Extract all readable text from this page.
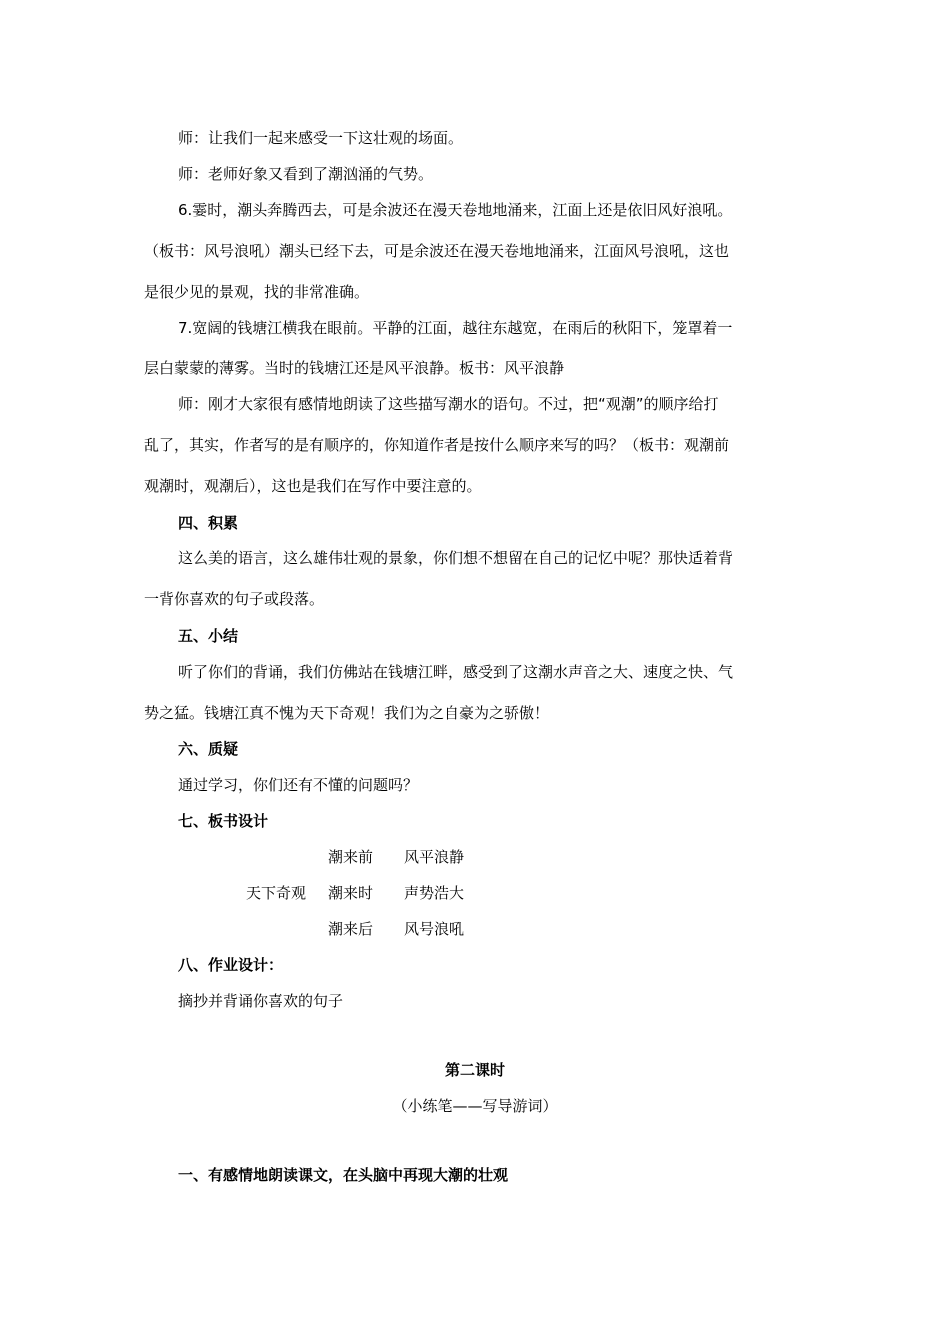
师：让我们一起来感受一下这壮观的场面。
师：老师好象又看到了潮汹涌的气势。
6.霎时，潮头奔腾西去，可是余波还在漫天卷地地涌来，江面上还是依旧风好浪吼。
（板书：风号浪吼）潮头已经下去，可是余波还在漫天卷地地涌来，江面风号浪吼，这也
是很少见的景观，找的非常准确。
7.宽阔的钱塘江横我在眼前。平静的江面，越往东越宽，在雨后的秋阳下，笼罩着一
层白蒙蒙的薄雾。当时的钱塘江还是风平浪静。板书：风平浪静
师：刚才大家很有感情地朗读了这些描写潮水的语句。不过，把“观潮”的顺序给打
乱了，其实，作者写的是有顺序的，你知道作者是按什么顺序来写的吗？（板书：观潮前
观潮时，观潮后），这也是我们在写作中要注意的。
四、积累
这么美的语言，这么雄伟壮观的景象，你们想不想留在自己的记忆中呢？那快适着背
一背你喜欢的句子或段落。
五、小结
听了你们的背诵，我们仿佛站在钱塘江畔，感受到了这潮水声音之大、速度之快、气
势之猛。钱塘江真不愧为天下奇观！我们为之自豪为之骄傲！
六、质疑
通过学习，你们还有不懂的问题吗？
七、板书设计
潮来前 风平浪静
天下奇观 潮来时 声势浩大
潮来后 风号浪吼
八、作业设计：
摘抄并背诵你喜欢的句子
第二课时
（小练笔——写导游词）
一、有感情地朗读课文，在头脑中再现大潮的壮观
